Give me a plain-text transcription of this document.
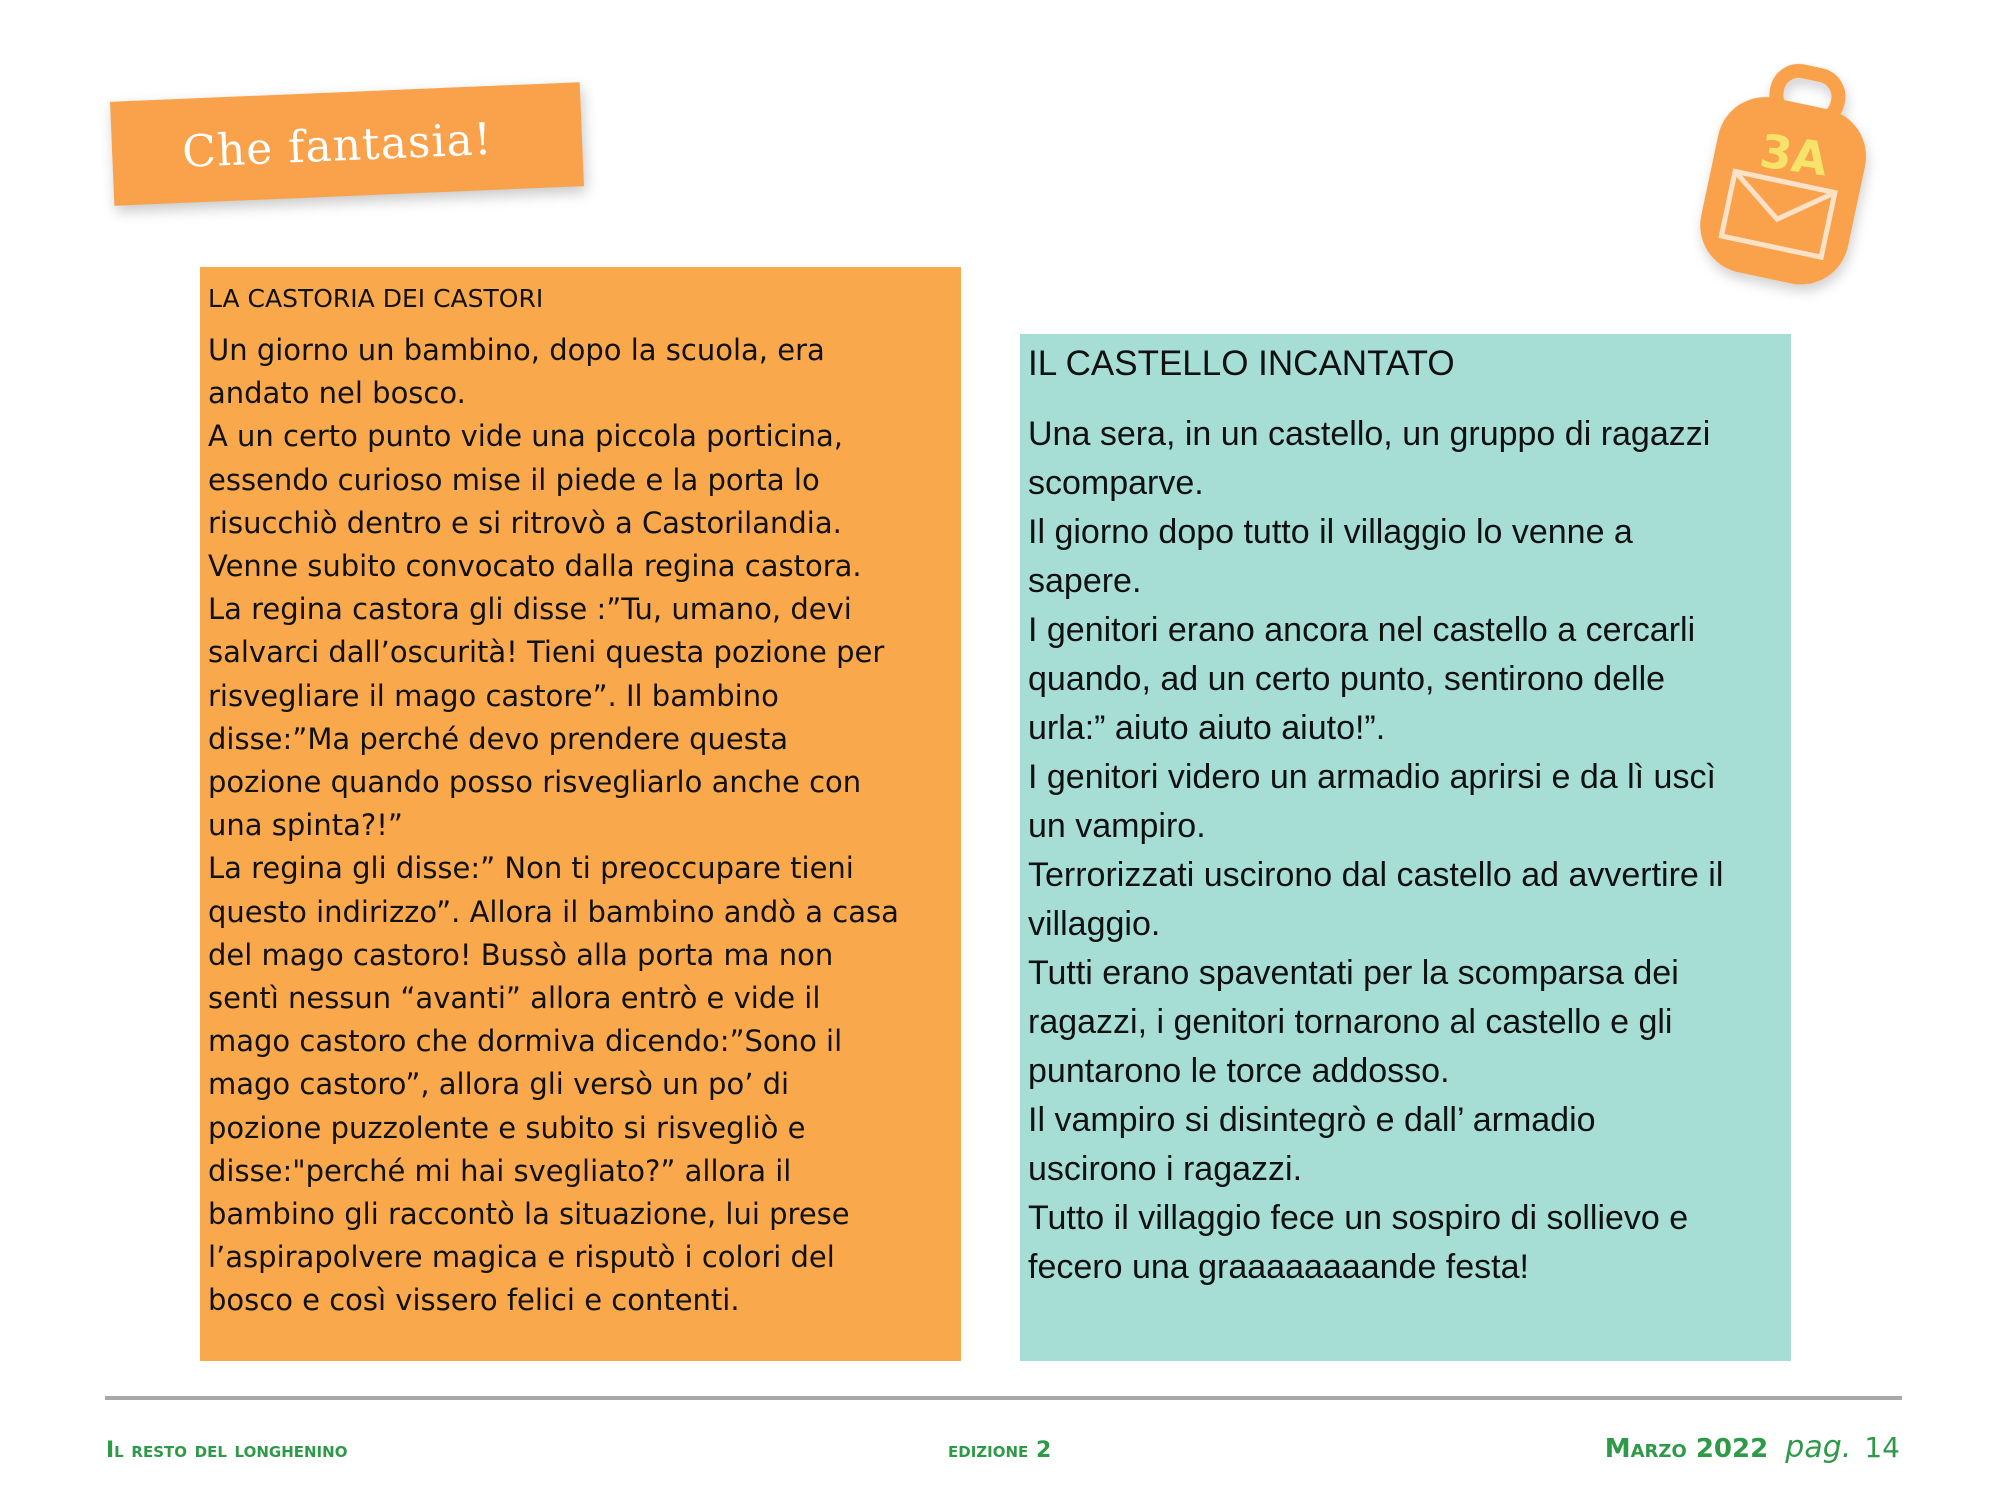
Che fantasia!	3A
LA CASTORIA DEI CASTORI

Un giorno un bambino, dopo la scuola, era

andato nel bosco.

A un certo punto vide una piccola porticina,

essendo curioso mise il piede e la porta lo

risucchiò dentro e si ritrovò a Castorilandia.

Venne subito convocato dalla regina castora.

La regina castora gli disse :”Tu, umano, devi

salvarci dall’oscurità! Tieni questa pozione per

risvegliare il mago castore”. Il bambino

disse:”Ma perché devo prendere questa

pozione quando posso risvegliarlo anche con

una spinta?!”

La regina gli disse:” Non ti preoccupare tieni

questo indirizzo”. Allora il bambino andò a casa

del mago castoro! Bussò alla porta ma non

sentì nessun “avanti” allora entrò e vide il

mago castoro che dormiva dicendo:”Sono il

mago castoro”, allora gli versò un po’ di

pozione puzzolente e subito si risvegliò e

disse:"perché mi hai svegliato?” allora il

bambino gli raccontò la situazione, lui prese

l’aspirapolvere magica e risputò i colori del

bosco e così vissero felici e contenti.

IL CASTELLO INCANTATO

Una sera, in un castello, un gruppo di ragazzi

scomparve.

Il giorno dopo tutto il villaggio lo venne a

sapere.

I genitori erano ancora nel castello a cercarli

quando, ad un certo punto, sentirono delle

urla:” aiuto aiuto aiuto!”.

I genitori videro un armadio aprirsi e da lì uscì

un vampiro.

Terrorizzati uscirono dal castello ad avvertire il

villaggio.

Tutti erano spaventati per la scomparsa dei

ragazzi, i genitori tornarono al castello e gli

puntarono le torce addosso.

Il vampiro si disintegrò e dall’ armadio

uscirono i ragazzi.

Tutto il villaggio fece un sospiro di sollievo e

fecero una graaaaaaaande festa!

Il resto del longhenino	edizione 2	Marzo 2022 pag. 14
